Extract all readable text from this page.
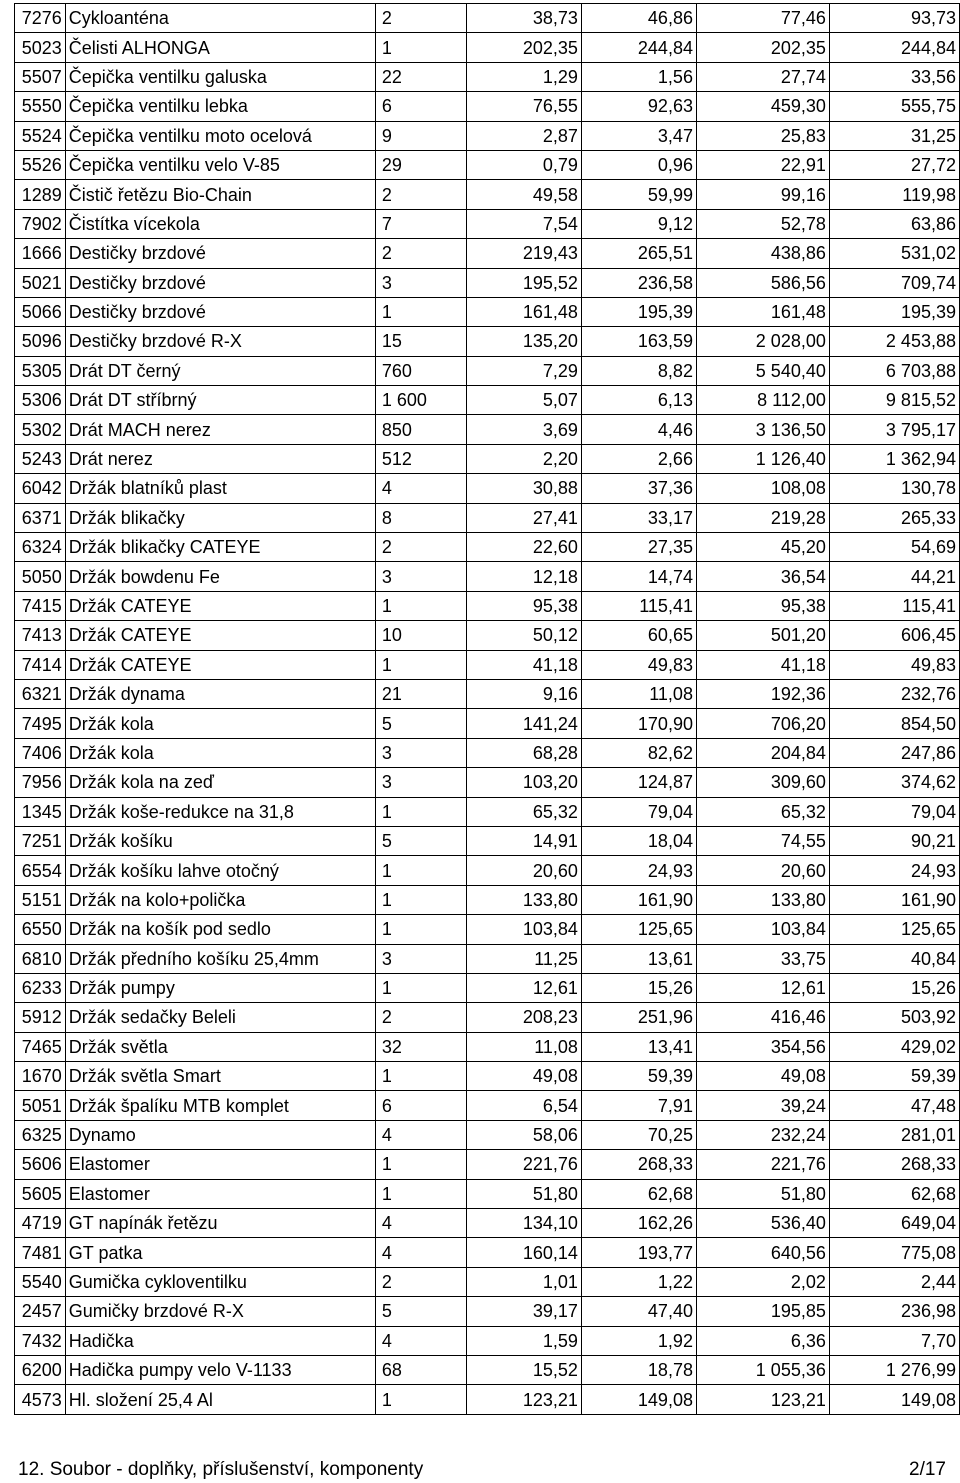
7276	Cykloanténa	2	38,73	46,86	77,46	93,73
5023	Čelisti ALHONGA	1	202,35	244,84	202,35	244,84
5507	Čepička ventilku galuska	22	1,29	1,56	27,74	33,56
5550	Čepička ventilku lebka	6	76,55	92,63	459,30	555,75
5524	Čepička ventilku moto ocelová	9	2,87	3,47	25,83	31,25
5526	Čepička ventilku velo V-85	29	0,79	0,96	22,91	27,72
1289	Čistič řetězu Bio-Chain	2	49,58	59,99	99,16	119,98
7902	Čistítka vícekola	7	7,54	9,12	52,78	63,86
1666	Destičky brzdové	2	219,43	265,51	438,86	531,02
5021	Destičky brzdové	3	195,52	236,58	586,56	709,74
5066	Destičky brzdové	1	161,48	195,39	161,48	195,39
5096	Destičky brzdové R-X	15	135,20	163,59	2 028,00	2 453,88
5305	Drát DT černý	760	7,29	8,82	5 540,40	6 703,88
5306	Drát DT stříbrný	1 600	5,07	6,13	8 112,00	9 815,52
5302	Drát MACH nerez	850	3,69	4,46	3 136,50	3 795,17
5243	Drát nerez	512	2,20	2,66	1 126,40	1 362,94
6042	Držák blatníků plast	4	30,88	37,36	108,08	130,78
6371	Držák blikačky	8	27,41	33,17	219,28	265,33
6324	Držák blikačky CATEYE	2	22,60	27,35	45,20	54,69
5050	Držák bowdenu Fe	3	12,18	14,74	36,54	44,21
7415	Držák CATEYE	1	95,38	115,41	95,38	115,41
7413	Držák CATEYE	10	50,12	60,65	501,20	606,45
7414	Držák CATEYE	1	41,18	49,83	41,18	49,83
6321	Držák dynama	21	9,16	11,08	192,36	232,76
7495	Držák kola	5	141,24	170,90	706,20	854,50
7406	Držák kola	3	68,28	82,62	204,84	247,86
7956	Držák kola na zeď	3	103,20	124,87	309,60	374,62
1345	Držák koše-redukce na 31,8	1	65,32	79,04	65,32	79,04
7251	Držák košíku	5	14,91	18,04	74,55	90,21
6554	Držák košíku lahve otočný	1	20,60	24,93	20,60	24,93
5151	Držák na kolo+polička	1	133,80	161,90	133,80	161,90
6550	Držák na košík pod sedlo	1	103,84	125,65	103,84	125,65
6810	Držák předního košíku 25,4mm	3	11,25	13,61	33,75	40,84
6233	Držák pumpy	1	12,61	15,26	12,61	15,26
5912	Držák sedačky Beleli	2	208,23	251,96	416,46	503,92
7465	Držák světla	32	11,08	13,41	354,56	429,02
1670	Držák světla Smart	1	49,08	59,39	49,08	59,39
5051	Držák špalíku MTB komplet	6	6,54	7,91	39,24	47,48
6325	Dynamo	4	58,06	70,25	232,24	281,01
5606	Elastomer	1	221,76	268,33	221,76	268,33
5605	Elastomer	1	51,80	62,68	51,80	62,68
4719	GT napínák řetězu	4	134,10	162,26	536,40	649,04
7481	GT patka	4	160,14	193,77	640,56	775,08
5540	Gumička cykloventilku	2	1,01	1,22	2,02	2,44
2457	Gumičky brzdové R-X	5	39,17	47,40	195,85	236,98
7432	Hadička	4	1,59	1,92	6,36	7,70
6200	Hadička pumpy velo V-1133	68	15,52	18,78	1 055,36	1 276,99
4573	Hl. složení 25,4 Al	1	123,21	149,08	123,21	149,08
12. Soubor - doplňky, příslušenství, komponenty	2/17
